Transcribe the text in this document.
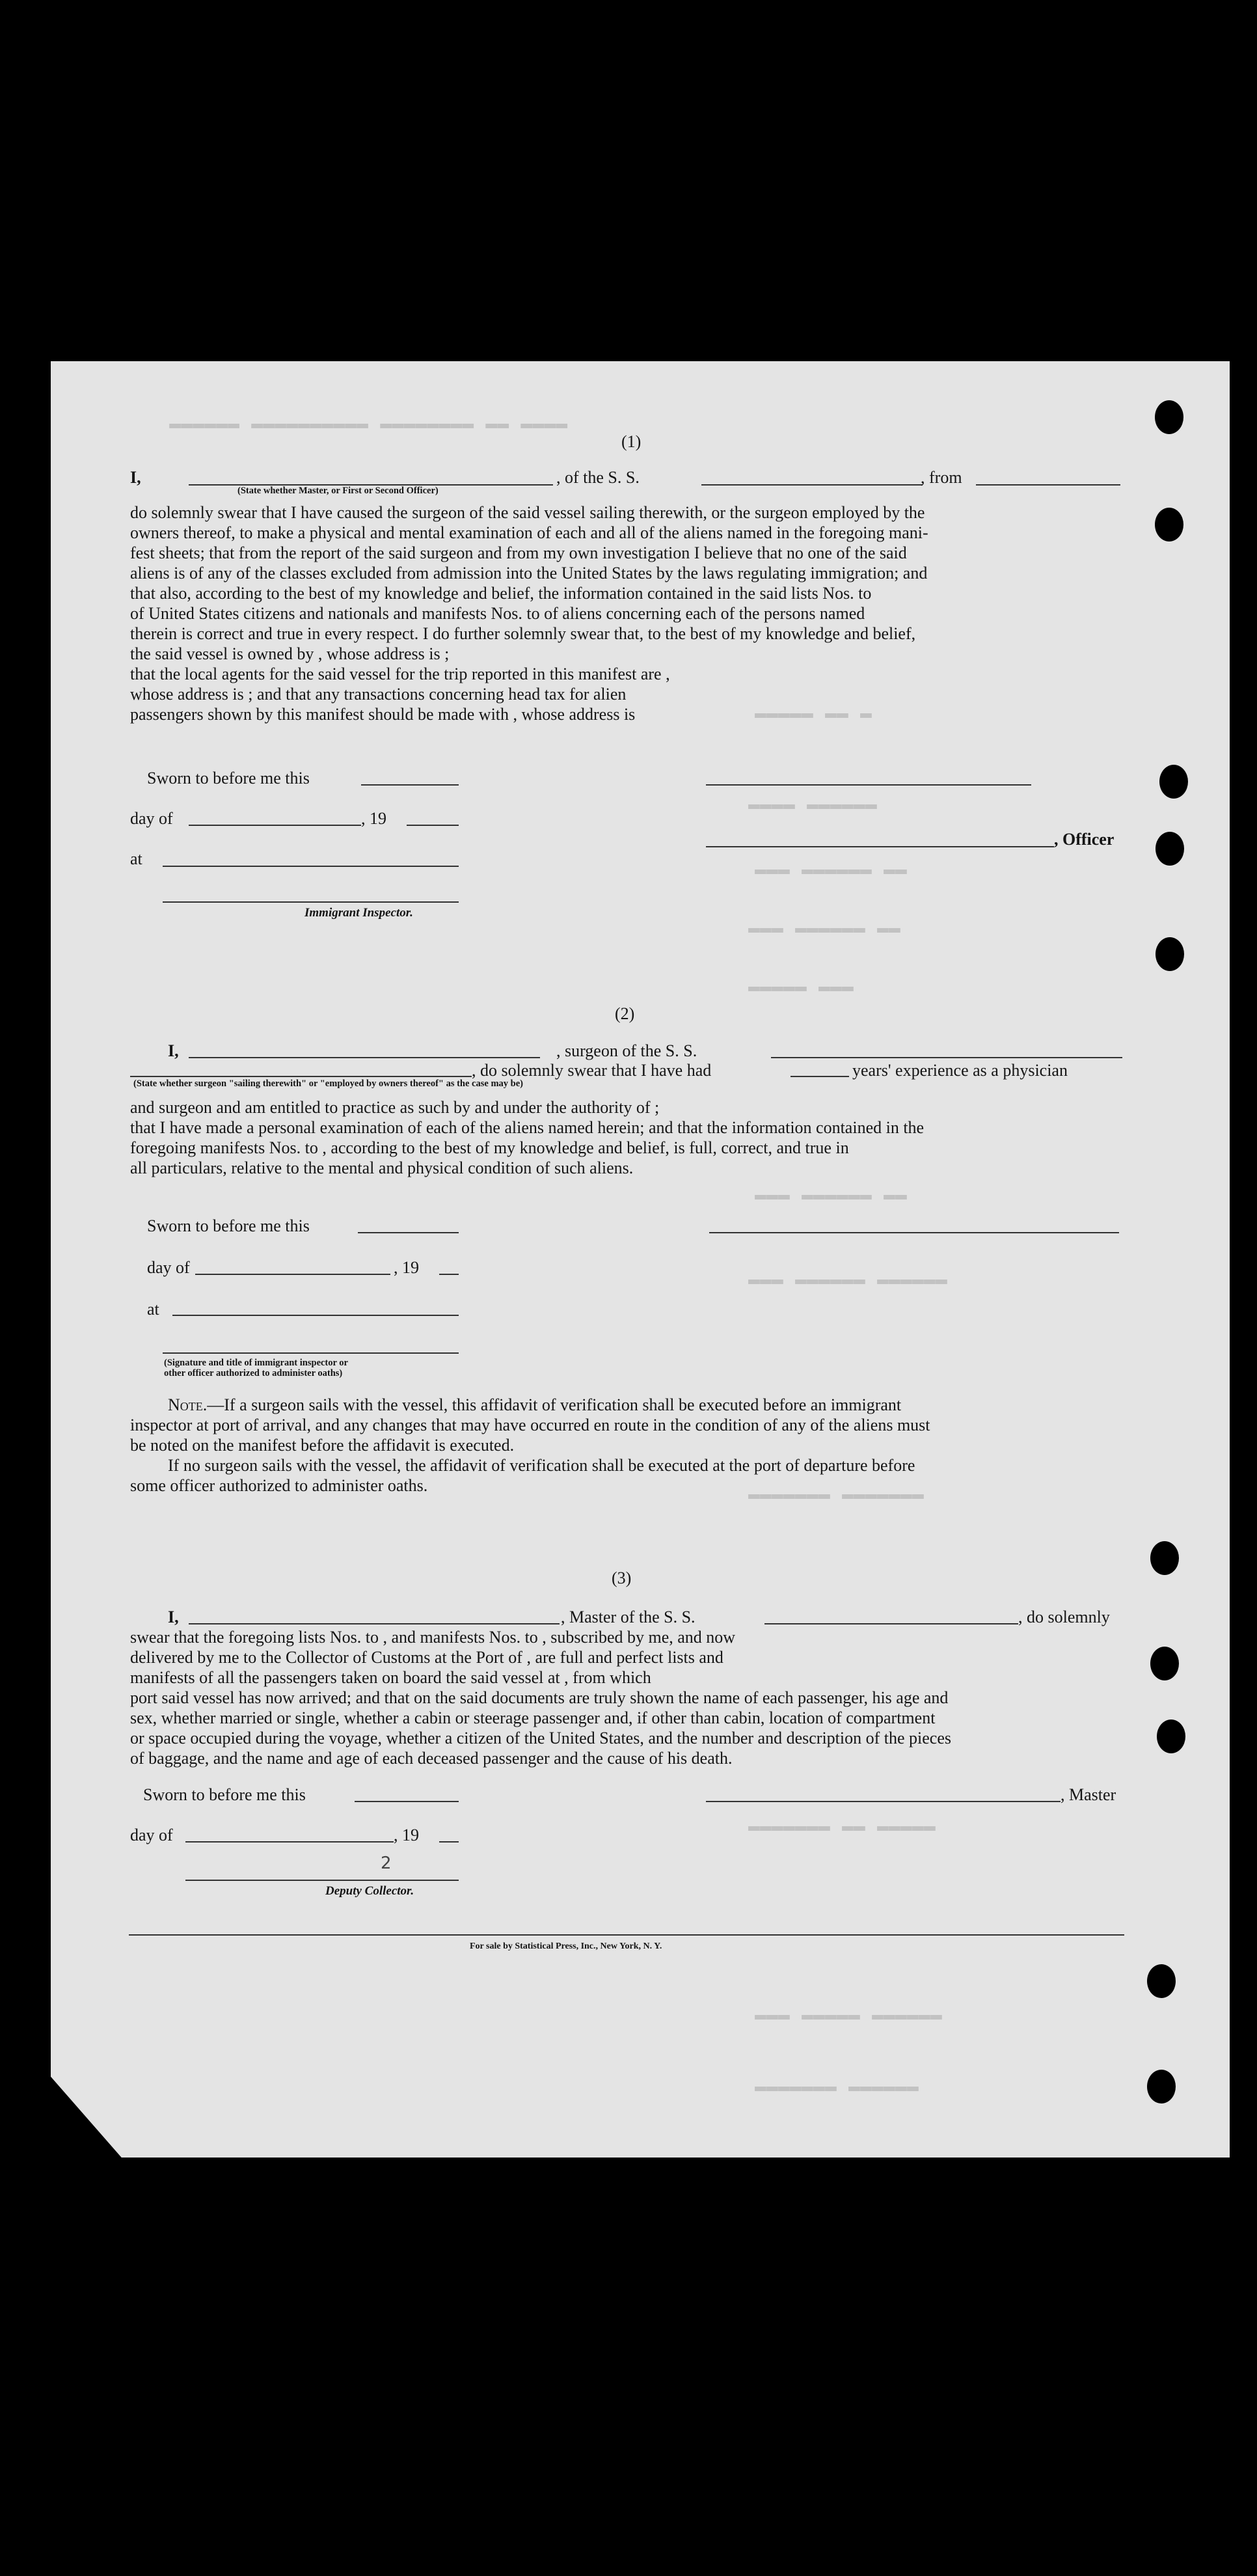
▬▬▬▬ ▬▬ ▬▬▬▬▬▬▬▬ ▬▬▬▬▬▬▬▬▬▬ ▬▬▬▬▬▬
▬▬▬▬▬ ▬▬ ▬
▬▬▬▬ ▬▬▬▬▬▬
▬▬▬ ▬▬▬▬▬▬ ▬▬
▬▬▬ ▬▬▬▬▬▬ ▬▬
▬▬▬▬▬ ▬▬▬
▬▬▬ ▬▬▬▬▬▬ ▬▬
▬▬▬ ▬▬▬▬▬▬ ▬▬▬▬▬▬
▬▬▬▬▬▬▬ ▬▬▬▬▬▬▬
▬▬▬▬▬▬▬ ▬▬ ▬▬▬▬▬
▬▬▬ ▬▬▬▬▬ ▬▬▬▬▬▬
▬▬▬▬▬▬▬ ▬▬▬▬▬▬
(1)
I,	, of the S. S.	, from
(State whether Master, or First or Second Officer)
do solemnly swear that I have caused the surgeon of the said vessel sailing therewith, or the surgeon employed by the
owners thereof, to make a physical and mental examination of each and all of the aliens named in the foregoing mani-
fest sheets; that from the report of the said surgeon and from my own investigation I believe that no one of the said
aliens is of any of the classes excluded from admission into the United States by the laws regulating immigration; and
that also, according to the best of my knowledge and belief, the information contained in the said lists Nos. to
of United States citizens and nationals and manifests Nos. to of aliens concerning each of the persons named
therein is correct and true in every respect. I do further solemnly swear that, to the best of my knowledge and belief,
the said vessel is owned by , whose address is ;
that the local agents for the said vessel for the trip reported in this manifest are ,
whose address is ; and that any transactions concerning head tax for alien
passengers shown by this manifest should be made with , whose address is
Sworn to before me this
day of	, 19
, Officer
at
Immigrant Inspector.
(2)
I,	, surgeon of the S. S.
, do solemnly swear that I have had	years' experience as a physician
(State whether surgeon "sailing therewith" or "employed by owners thereof" as the case may be)
and surgeon and am entitled to practice as such by and under the authority of ;
that I have made a personal examination of each of the aliens named herein; and that the information contained in the
foregoing manifests Nos. to , according to the best of my knowledge and belief, is full, correct, and true in
all particulars, relative to the mental and physical condition of such aliens.
Sworn to before me this
day of	, 19
at
(Signature and title of immigrant inspector or
other officer authorized to administer oaths)
Note.—If a surgeon sails with the vessel, this affidavit of verification shall be executed before an immigrant
inspector at port of arrival, and any changes that may have occurred en route in the condition of any of the aliens must
be noted on the manifest before the affidavit is executed.
If no surgeon sails with the vessel, the affidavit of verification shall be executed at the port of departure before
some officer authorized to administer oaths.
(3)
I,	, Master of the S. S.	, do solemnly
swear that the foregoing lists Nos. to , and manifests Nos. to , subscribed by me, and now
delivered by me to the Collector of Customs at the Port of , are full and perfect lists and
manifests of all the passengers taken on board the said vessel at , from which
port said vessel has now arrived; and that on the said documents are truly shown the name of each passenger, his age and
sex, whether married or single, whether a cabin or steerage passenger and, if other than cabin, location of compartment
or space occupied during the voyage, whether a citizen of the United States, and the number and description of the pieces
of baggage, and the name and age of each deceased passenger and the cause of his death.
Sworn to before me this	, Master
day of	, 19
2
Deputy Collector.
For sale by Statistical Press, Inc., New York, N. Y.
